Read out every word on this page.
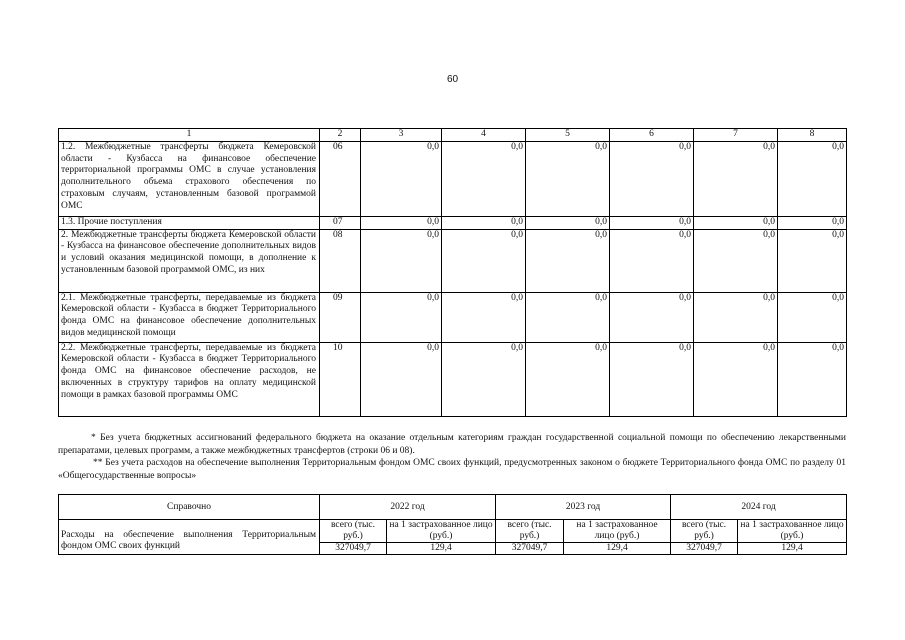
60
1	2	3	4	5	6	7	8
1.2. Межбюджетные трансферты бюджета Кемеровской области - Кузбасса на финансовое обеспечение территориальной программы ОМС в случае установления дополнительного объема страхового обеспечения по страховым случаям, установленным базовой программой ОМС	06	0,0	0,0	0,0	0,0	0,0	0,0
1.3. Прочие поступления	07	0,0	0,0	0,0	0,0	0,0	0,0
2. Межбюджетные трансферты бюджета Кемеровской области - Кузбасса на финансовое обеспечение дополнительных видов и условий оказания медицинской помощи, в дополнение к установленным базовой программой ОМС, из них	08	0,0	0,0	0,0	0,0	0,0	0,0
2.1. Межбюджетные трансферты, передаваемые из бюджета Кемеровской области - Кузбасса в бюджет Территориального фонда ОМС на финансовое обеспечение дополнительных видов медицинской помощи	09	0,0	0,0	0,0	0,0	0,0	0,0
2.2. Межбюджетные трансферты, передаваемые из бюджета Кемеровской области - Кузбасса в бюджет Территориального фонда ОМС на финансовое обеспечение расходов, не включенных в структуру тарифов на оплату медицинской помощи в рамках базовой программы ОМС	10	0,0	0,0	0,0	0,0	0,0	0,0
* Без учета бюджетных ассигнований федерального бюджета на оказание отдельным категориям граждан государственной социальной помощи по обеспечению лекарственными препаратами, целевых программ, а также межбюджетных трансфертов (строки 06 и 08).
** Без учета расходов на обеспечение выполнения Территориальным фондом ОМС своих функций, предусмотренных законом о бюджете Территориального фонда ОМС по разделу 01 «Общегосударственные вопросы»
Справочно	2022 год		2023 год		2024 год	
Расходы на обеспечение выполнения Территориальным фондом ОМС своих функций	всего (тыс. руб.)	на 1 застрахованное лицо (руб.)	всего (тыс. руб.)	на 1 застрахованное лицо (руб.)	всего (тыс. руб.)	на 1 застрахованное лицо (руб.)
	327049,7	129,4	327049,7	129,4	327049,7	129,4
